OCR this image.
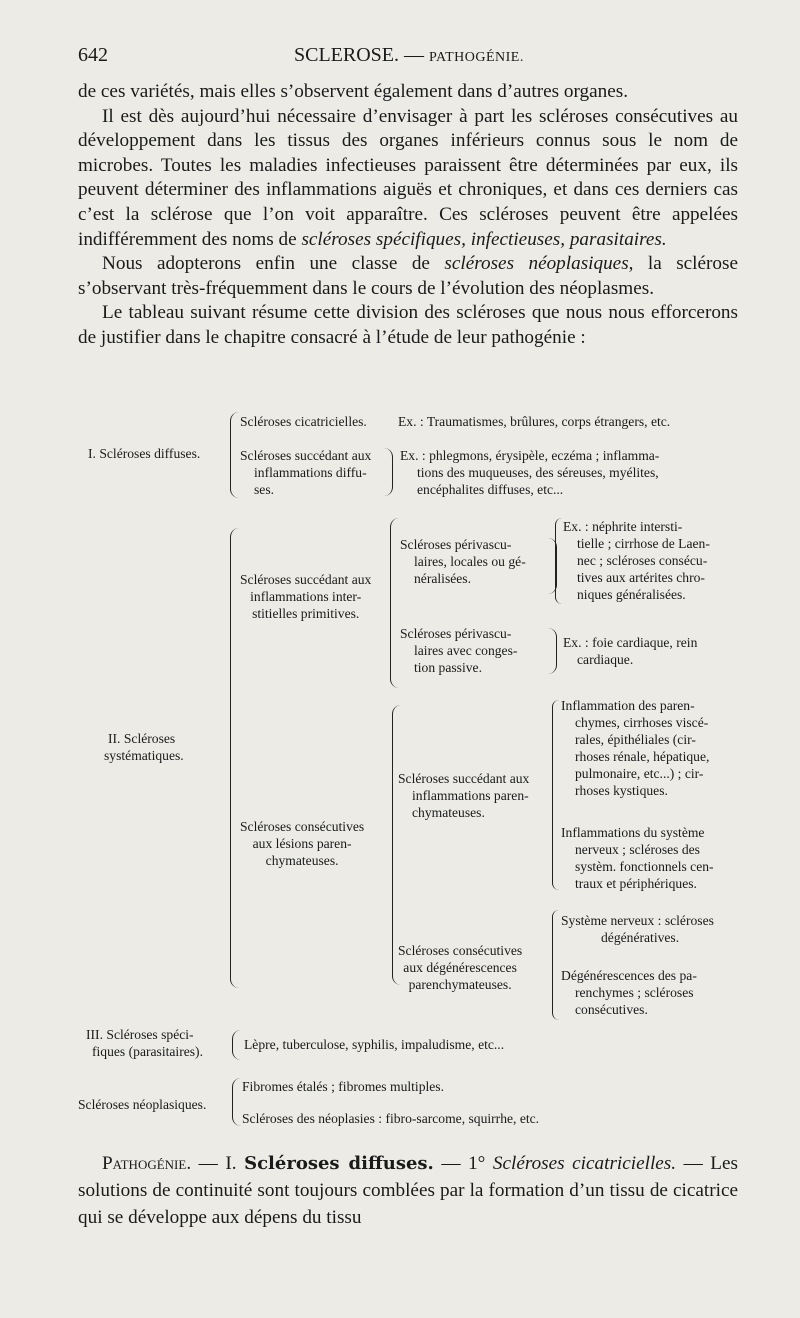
642	SCLEROSE. — PATHOGÉNIE.

de ces variétés, mais elles s’observent également dans d’autres organes.

Il est dès aujourd’hui nécessaire d’envisager à part les scléroses consécutives au développement dans les tissus des organes inférieurs connus sous le nom de microbes. Toutes les maladies infectieuses paraissent être déterminées par eux, ils peuvent déterminer des inflammations aiguës et chroniques, et dans ces derniers cas c’est la sclérose que l’on voit apparaître. Ces scléroses peuvent être appelées indifféremment des noms de scléroses spécifiques, infectieuses, parasitaires.

Nous adopterons enfin une classe de scléroses néoplasiques, la sclérose s’observant très-fréquemment dans le cours de l’évolution des néoplasmes.

Le tableau suivant résume cette division des scléroses que nous nous efforcerons de justifier dans le chapitre consacré à l’étude de leur pathogénie :

I. Scléroses diffuses.
Scléroses cicatricielles. Ex. : Traumatismes, brûlures, corps étrangers, etc.
Scléroses succédant aux
inflammations diffu-
ses.
Ex. : phlegmons, érysipèle, eczéma ; inflamma-
tions des muqueuses, des séreuses, myélites,
encéphalites diffuses, etc...
II. Scléroses
systématiques.
Scléroses succédant aux
inflammations inter-
stitielles primitives.
Scléroses périvascu-
laires, locales ou gé-
néralisées.
Ex. : néphrite intersti-
tielle ; cirrhose de Laen-
nec ; scléroses consécu-
tives aux artérites chro-
niques généralisées.
Scléroses périvascu-
laires avec conges-
tion passive.
Ex. : foie cardiaque, rein
cardiaque.
Scléroses consécutives
aux lésions paren-
chymateuses.
Scléroses succédant aux
inflammations paren-
chymateuses.
Inflammation des paren-
chymes, cirrhoses viscé-
rales, épithéliales (cir-
rhoses rénale, hépatique,
pulmonaire, etc...) ; cir-
rhoses kystiques.
Inflammations du système
nerveux ; scléroses des
systèm. fonctionnels cen-
traux et périphériques.
Scléroses consécutives
aux dégénérescences
parenchymateuses.
Système nerveux : scléroses
dégénératives.
Dégénérescences des pa-
renchymes ; scléroses
consécutives.
III. Scléroses spéci-
fiques (parasitaires).	Lèpre, tuberculose, syphilis, impaludisme, etc...
Scléroses néoplasiques.
Fibromes étalés ; fibromes multiples.
Scléroses des néoplasies : fibro-sarcome, squirrhe, etc.

Pathogénie. — I. Scléroses diffuses. — 1° Scléroses cicatricielles. — Les solutions de continuité sont toujours comblées par la formation d’un tissu de cicatrice qui se développe aux dépens du tissu
